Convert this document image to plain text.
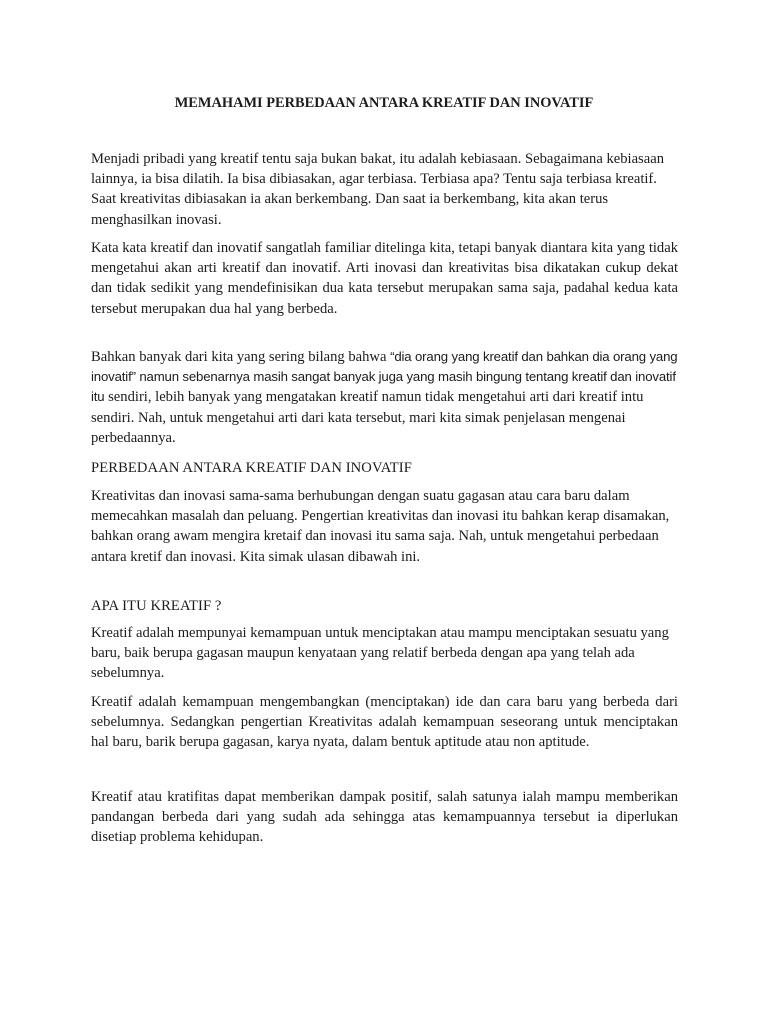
MEMAHAMI PERBEDAAN ANTARA KREATIF DAN INOVATIF

Menjadi pribadi yang kreatif tentu saja bukan bakat, itu adalah kebiasaan. Sebagaimana kebiasaan lainnya, ia bisa dilatih. Ia bisa dibiasakan, agar terbiasa. Terbiasa apa? Tentu saja terbiasa kreatif. Saat kreativitas dibiasakan ia akan berkembang. Dan saat ia berkembang, kita akan terus menghasilkan inovasi.

Kata kata kreatif dan inovatif sangatlah familiar ditelinga kita, tetapi banyak diantara kita yang tidak mengetahui akan arti kreatif dan inovatif. Arti inovasi dan kreativitas bisa dikatakan cukup dekat dan tidak sedikit yang mendefinisikan dua kata tersebut merupakan sama saja, padahal kedua kata tersebut merupakan dua hal yang berbeda.

Bahkan banyak dari kita yang sering bilang bahwa “dia orang yang kreatif dan bahkan dia orang yang inovatif” namun sebenarnya masih sangat banyak juga yang masih bingung tentang kreatif dan inovatif itu sendiri, lebih banyak yang mengatakan kreatif namun tidak mengetahui arti dari kreatif intu sendiri. Nah, untuk mengetahui arti dari kata tersebut, mari kita simak penjelasan mengenai perbedaannya.

PERBEDAAN ANTARA KREATIF DAN INOVATIF

Kreativitas dan inovasi sama-sama berhubungan dengan suatu gagasan atau cara baru dalam memecahkan masalah dan peluang. Pengertian kreativitas dan inovasi itu bahkan kerap disamakan, bahkan orang awam mengira kretaif dan inovasi itu sama saja. Nah, untuk mengetahui perbedaan antara kretif dan inovasi. Kita simak ulasan dibawah ini.

APA ITU KREATIF ?

Kreatif adalah mempunyai kemampuan untuk menciptakan atau mampu menciptakan sesuatu yang baru, baik berupa gagasan maupun kenyataan yang relatif berbeda dengan apa yang telah ada sebelumnya.

Kreatif adalah kemampuan mengembangkan (menciptakan) ide dan cara baru yang berbeda dari sebelumnya. Sedangkan pengertian Kreativitas adalah kemampuan seseorang untuk menciptakan hal baru, barik berupa gagasan, karya nyata, dalam bentuk aptitude atau non aptitude.

Kreatif atau kratifitas dapat memberikan dampak positif, salah satunya ialah mampu memberikan pandangan berbeda dari yang sudah ada sehingga atas kemampuannya tersebut ia diperlukan disetiap problema kehidupan.
